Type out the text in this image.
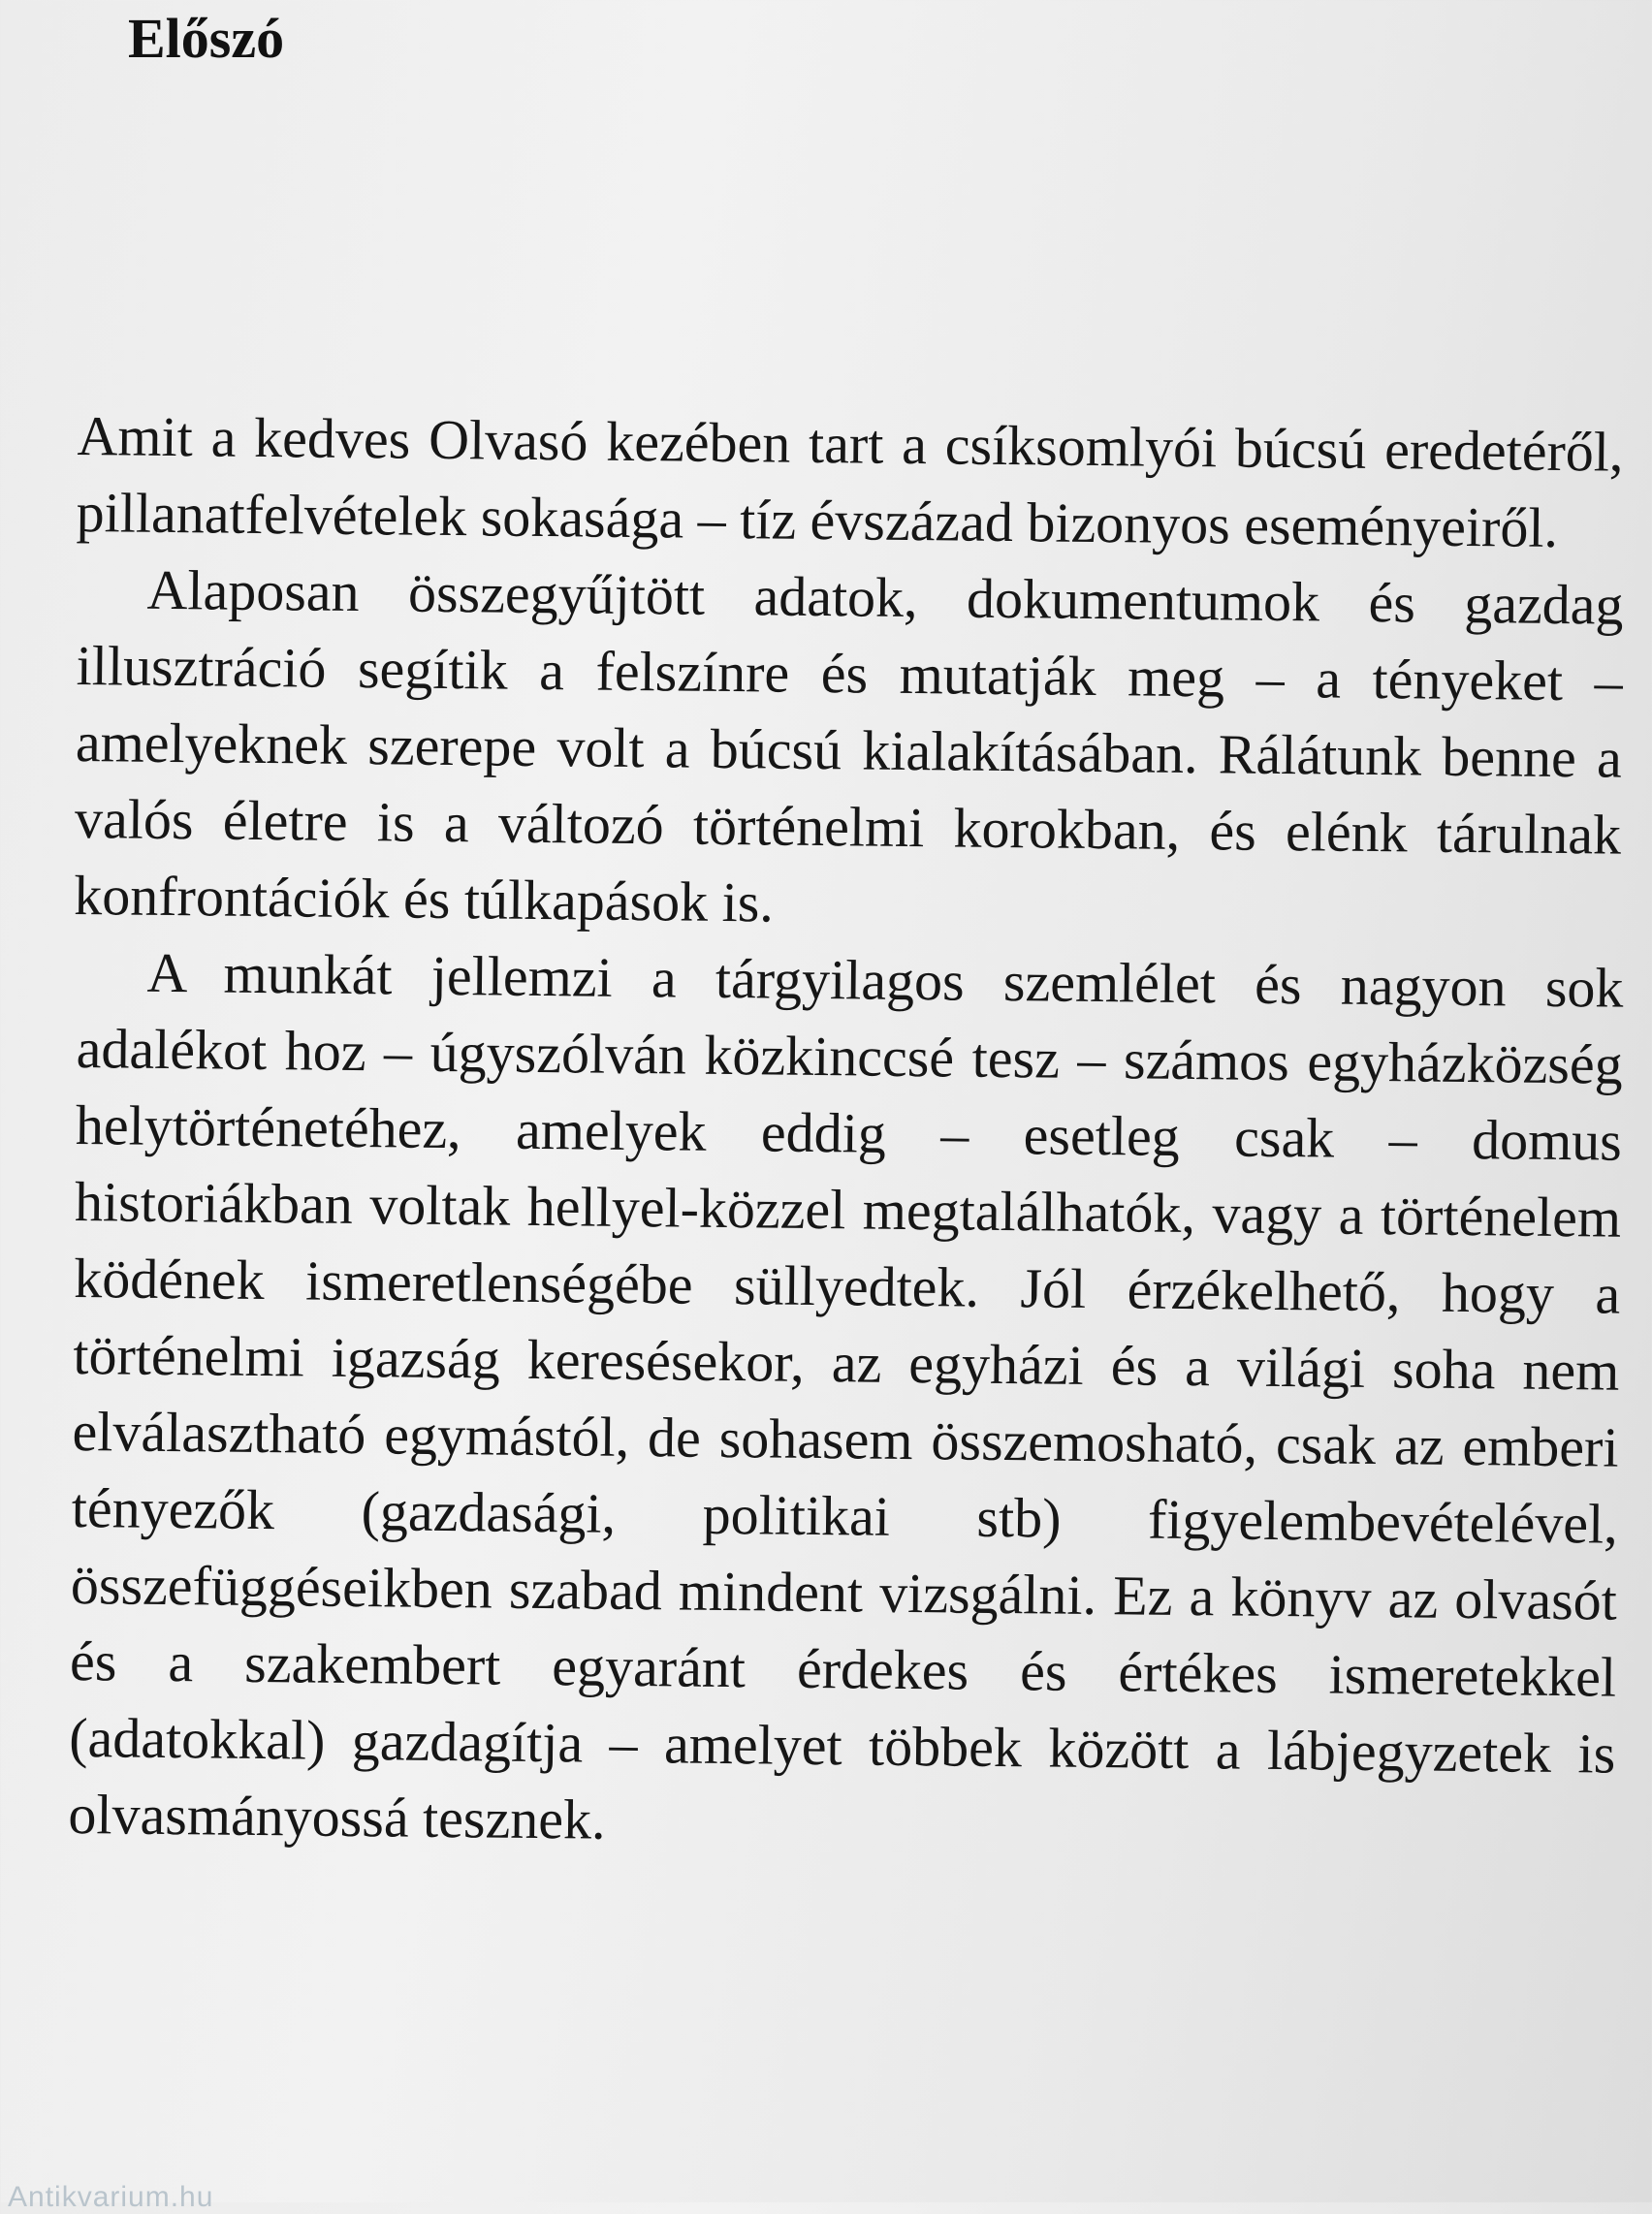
Előszó

Amit a kedves Olvasó kezében tart a csíksomlyói búcsú eredetéről, pillanatfelvételek sokasága – tíz évszázad bizonyos eseményeiről.

Alaposan összegyűjtött adatok, dokumentumok és gazdag illusztráció segítik a felszínre és mutatják meg – a tényeket – amelyeknek szerepe volt a búcsú kialakításában. Rálátunk benne a valós életre is a változó történelmi korokban, és elénk tárulnak konfrontációk és túlkapások is.

A munkát jellemzi a tárgyilagos szemlélet és nagyon sok adalékot hoz – úgyszólván közkinccsé tesz – számos egyházközség helytörténetéhez, amelyek eddig – esetleg csak – domus historiákban voltak hellyel-közzel megtalálhatók, vagy a történelem ködének ismeretlenségébe süllyedtek. Jól érzékelhető, hogy a történelmi igazság keresésekor, az egyházi és a világi soha nem elválasztható egymástól, de sohasem összemosható, csak az emberi tényezők (gazdasági, politikai stb) figyelembevételével, összefüggéseikben szabad mindent vizsgálni. Ez a könyv az olvasót és a szakembert egyaránt érdekes és értékes ismeretekkel (adatokkal) gazdagítja – amelyet többek között a lábjegyzetek is olvasmányossá tesznek.

Antikvarium.hu
